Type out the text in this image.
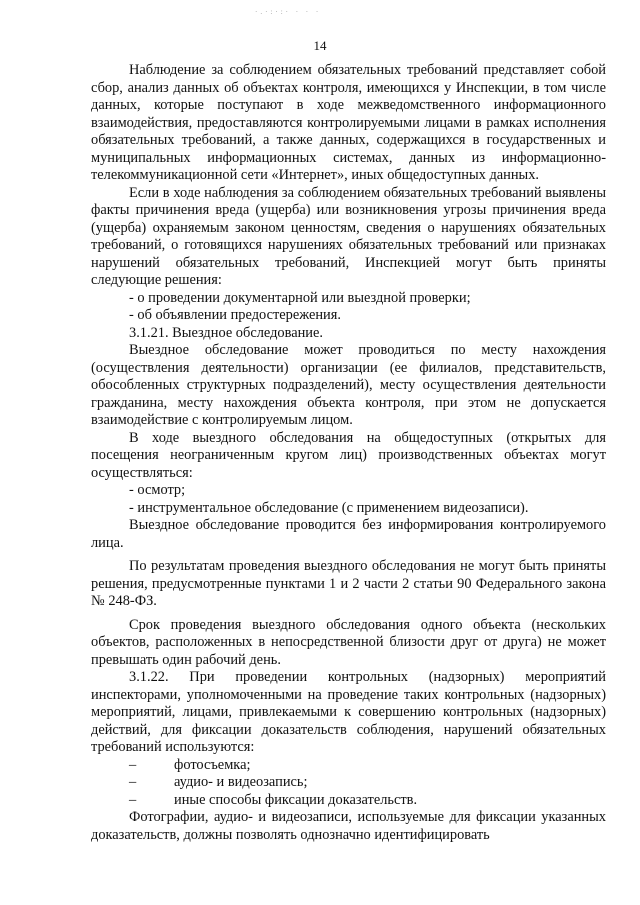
·.·:·:· · · ·
14

Наблюдение за соблюдением обязательных требований представляет собой сбор, анализ данных об объектах контроля, имеющихся у Инспекции, в том числе данных, которые поступают в ходе межведомственного информационного взаимодействия, предоставляются контролируемыми лицами в рамках исполнения обязательных требований, а также данных, содержащихся в государственных и муниципальных информационных системах, данных из информационно-телекоммуникационной сети «Интернет», иных общедоступных данных.

Если в ходе наблюдения за соблюдением обязательных требований выявлены факты причинения вреда (ущерба) или возникновения угрозы причинения вреда (ущерба) охраняемым законом ценностям, сведения о нарушениях обязательных требований, о готовящихся нарушениях обязательных требований или признаках нарушений обязательных требований, Инспекцией могут быть приняты следующие решения:

- о проведении документарной или выездной проверки;

- об объявлении предостережения.

3.1.21. Выездное обследование.

Выездное обследование может проводиться по месту нахождения (осуществления деятельности) организации (ее филиалов, представительств, обособленных структурных подразделений), месту осуществления деятельности гражданина, месту нахождения объекта контроля, при этом не допускается взаимодействие с контролируемым лицом.

В ходе выездного обследования на общедоступных (открытых для посещения неограниченным кругом лиц) производственных объектах могут осуществляться:

- осмотр;

- инструментальное обследование (с применением видеозаписи).

Выездное обследование проводится без информирования контролируемого лица.

По результатам проведения выездного обследования не могут быть приняты решения, предусмотренные пунктами 1 и 2 части 2 статьи 90 Федерального закона № 248-ФЗ.

Срок проведения выездного обследования одного объекта (нескольких объектов, расположенных в непосредственной близости друг от друга) не может превышать один рабочий день.

3.1.22. При проведении контрольных (надзорных) мероприятий инспекторами, уполномоченными на проведение таких контрольных (надзорных) мероприятий, лицами, привлекаемыми к совершению контрольных (надзорных) действий, для фиксации доказательств соблюдения, нарушений обязательных требований используются:

–	фотосъемка;

–	аудио- и видеозапись;

–	иные способы фиксации доказательств.

Фотографии, аудио- и видеозаписи, используемые для фиксации указанных доказательств, должны позволять однозначно идентифицировать
